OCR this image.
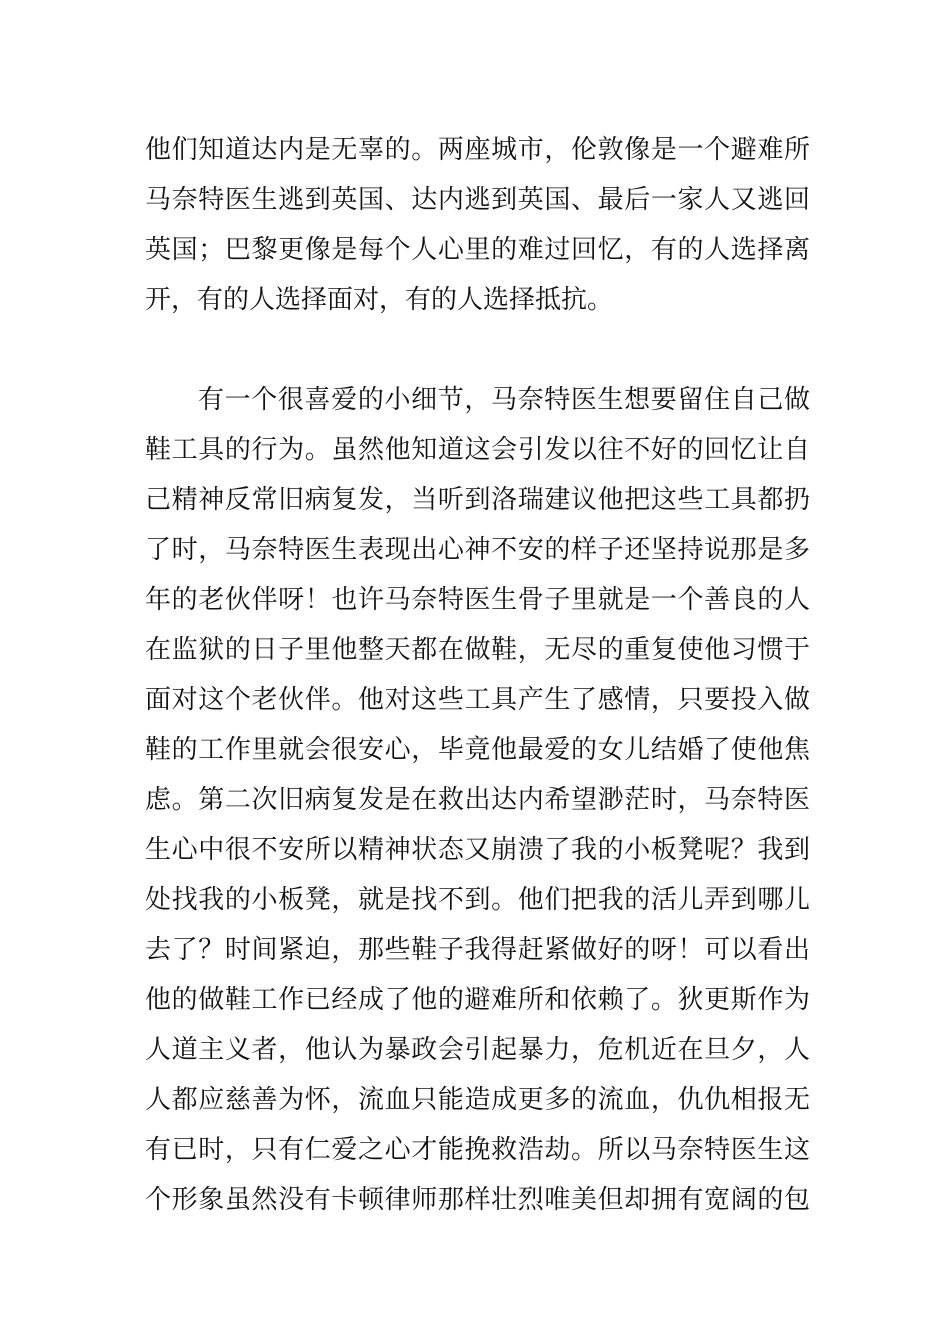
他们知道达内是无辜的。两座城市，伦敦像是一个避难所
马奈特医生逃到英国、达内逃到英国、最后一家人又逃回
英国；巴黎更像是每个人心里的难过回忆，有的人选择离
开，有的人选择面对，有的人选择抵抗。
有一个很喜爱的小细节，马奈特医生想要留住自己做
鞋工具的行为。虽然他知道这会引发以往不好的回忆让自
己精神反常旧病复发，当听到洛瑞建议他把这些工具都扔
了时，马奈特医生表现出心神不安的样子还坚持说那是多
年的老伙伴呀！也许马奈特医生骨子里就是一个善良的人
在监狱的日子里他整天都在做鞋，无尽的重复使他习惯于
面对这个老伙伴。他对这些工具产生了感情，只要投入做
鞋的工作里就会很安心，毕竟他最爱的女儿结婚了使他焦
虑。第二次旧病复发是在救出达内希望渺茫时，马奈特医
生心中很不安所以精神状态又崩溃了我的小板凳呢？我到
处找我的小板凳，就是找不到。他们把我的活儿弄到哪儿
去了？时间紧迫，那些鞋子我得赶紧做好的呀！可以看出
他的做鞋工作已经成了他的避难所和依赖了。狄更斯作为
人道主义者，他认为暴政会引起暴力，危机近在旦夕，人
人都应慈善为怀，流血只能造成更多的流血，仇仇相报无
有已时，只有仁爱之心才能挽救浩劫。所以马奈特医生这
个形象虽然没有卡顿律师那样壮烈唯美但却拥有宽阔的包
